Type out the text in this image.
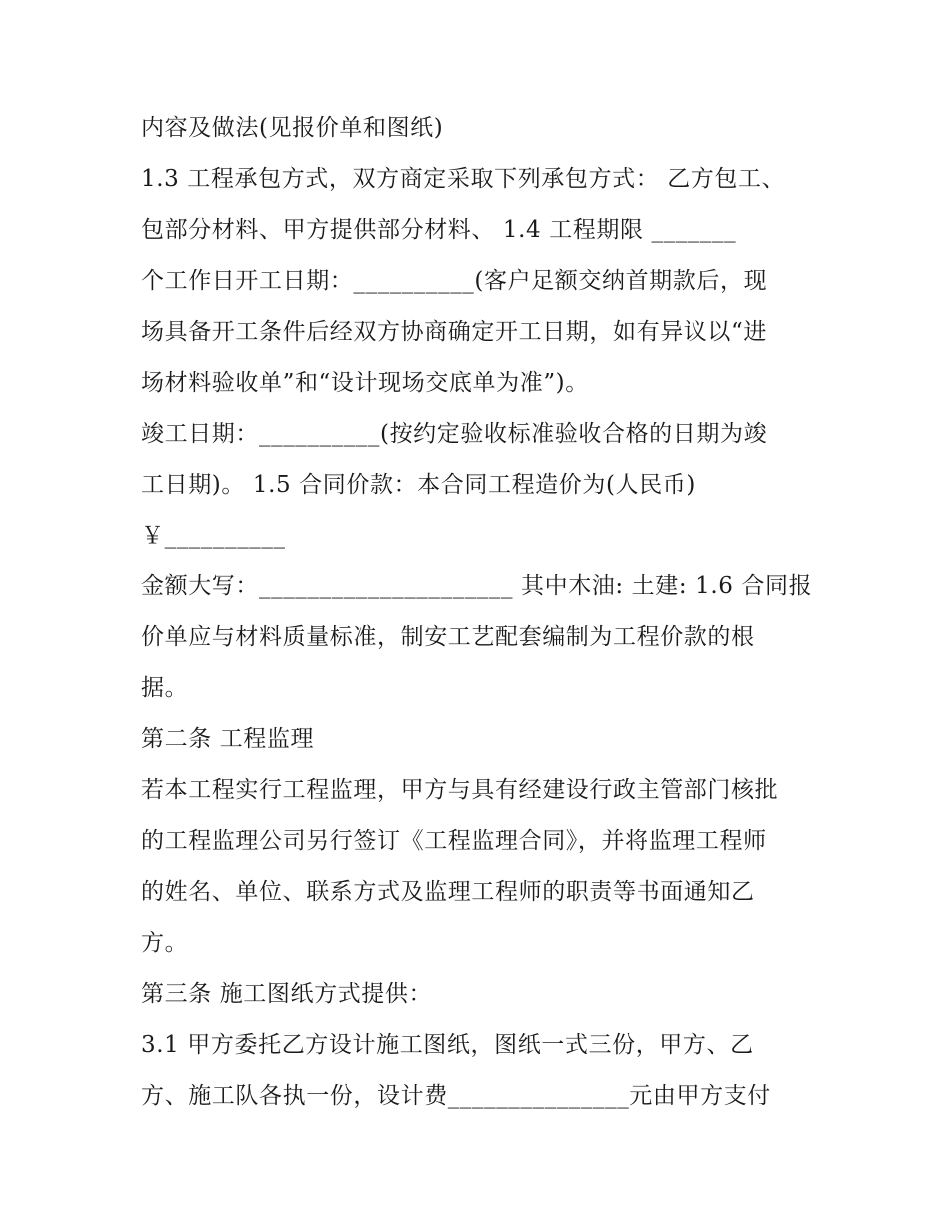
内容及做法(见报价单和图纸)
1.3 工程承包方式，双方商定采取下列承包方式： 乙方包工、
包部分材料、甲方提供部分材料、 1.4 工程期限 _______
个工作日开工日期：__________(客户足额交纳首期款后，现
场具备开工条件后经双方协商确定开工日期，如有异议以“进
场材料验收单”和“设计现场交底单为准”)。
竣工日期：__________(按约定验收标准验收合格的日期为竣
工日期)。 1.5 合同价款：本合同工程造价为(人民币)
￥__________
金额大写：_____________________ 其中木油: 土建: 1.6 合同报
价单应与材料质量标准，制安工艺配套编制为工程价款的根
据。
第二条 工程监理
若本工程实行工程监理，甲方与具有经建设行政主管部门核批
的工程监理公司另行签订《工程监理合同》，并将监理工程师
的姓名、单位、联系方式及监理工程师的职责等书面通知乙
方。
第三条 施工图纸方式提供：
3.1 甲方委托乙方设计施工图纸，图纸一式三份，甲方、乙
方、施工队各执一份，设计费_______________元由甲方支付
